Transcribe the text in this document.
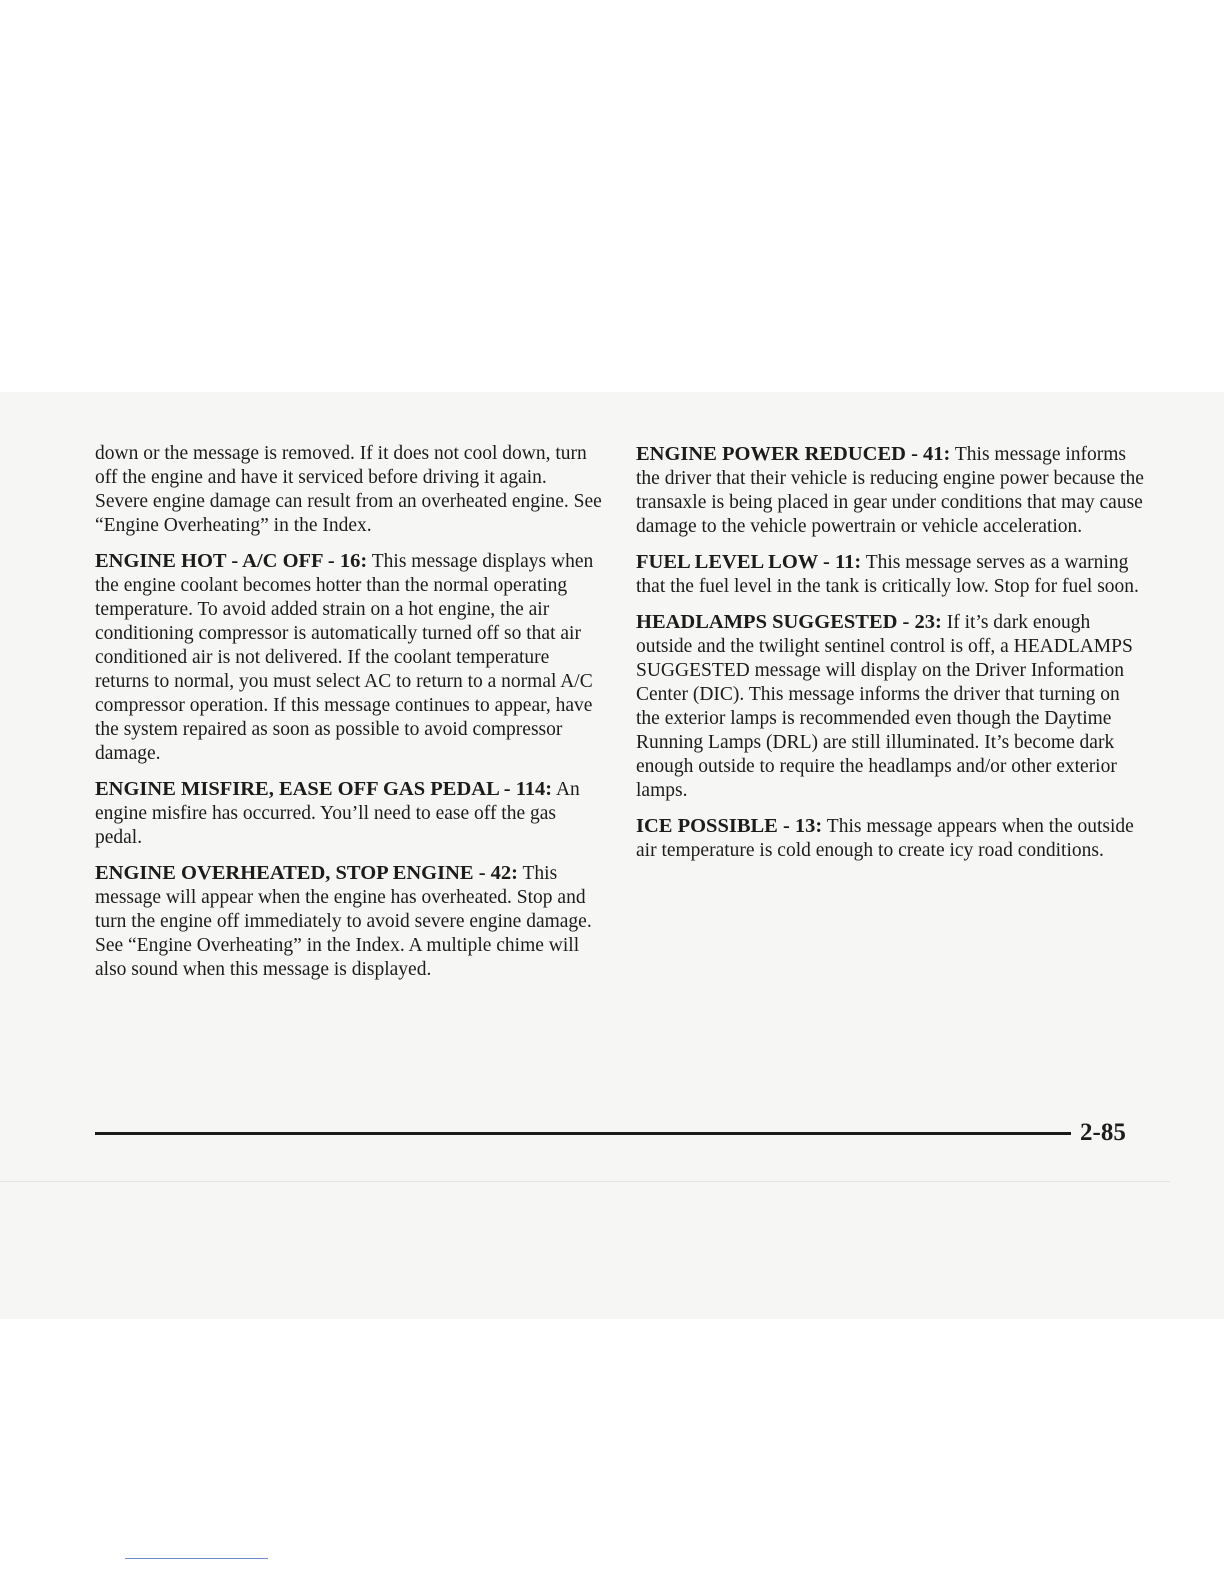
down or the message is removed. If it does not cool down, turn off the engine and have it serviced before driving it again. Severe engine damage can result from an overheated engine. See “Engine Overheating” in the Index.

ENGINE HOT - A/C OFF - 16: This message displays when the engine coolant becomes hotter than the normal operating temperature. To avoid added strain on a hot engine, the air conditioning compressor is automatically turned off so that air conditioned air is not delivered. If the coolant temperature returns to normal, you must select AC to return to a normal A/C compressor operation. If this message continues to appear, have the system repaired as soon as possible to avoid compressor damage.

ENGINE MISFIRE, EASE OFF GAS PEDAL - 114: An engine misfire has occurred. You’ll need to ease off the gas pedal.

ENGINE OVERHEATED, STOP ENGINE - 42: This message will appear when the engine has overheated. Stop and turn the engine off immediately to avoid severe engine damage. See “Engine Overheating” in the Index. A multiple chime will also sound when this message is displayed.

ENGINE POWER REDUCED - 41: This message informs the driver that their vehicle is reducing engine power because the transaxle is being placed in gear under conditions that may cause damage to the vehicle powertrain or vehicle acceleration.

FUEL LEVEL LOW - 11: This message serves as a warning that the fuel level in the tank is critically low. Stop for fuel soon.

HEADLAMPS SUGGESTED - 23: If it’s dark enough outside and the twilight sentinel control is off, a HEADLAMPS SUGGESTED message will display on the Driver Information Center (DIC). This message informs the driver that turning on the exterior lamps is recommended even though the Daytime Running Lamps (DRL) are still illuminated. It’s become dark enough outside to require the headlamps and/or other exterior lamps.

ICE POSSIBLE - 13: This message appears when the outside air temperature is cold enough to create icy road conditions.

2-85
